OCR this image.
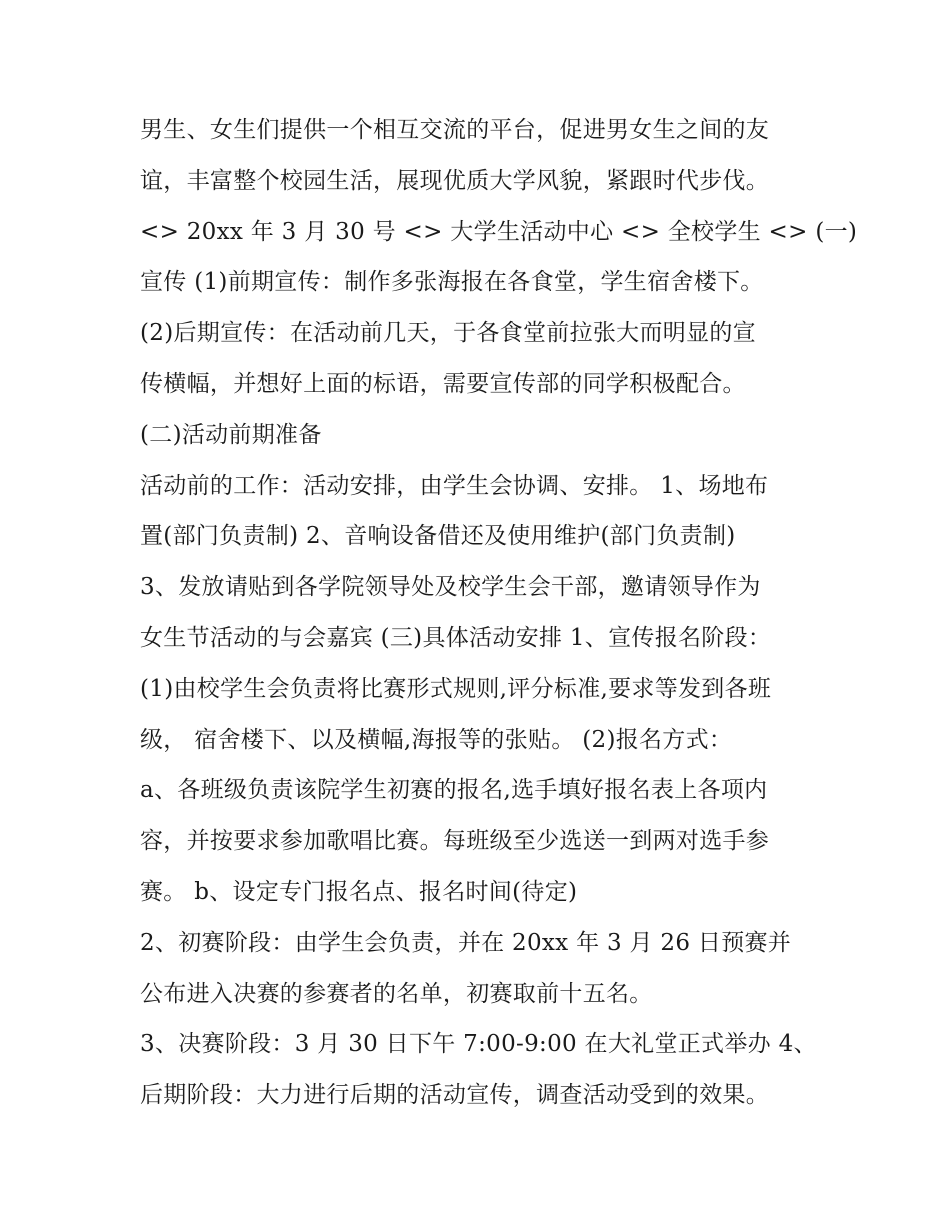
男生、女生们提供一个相互交流的平台，促进男女生之间的友
谊，丰富整个校园生活，展现优质大学风貌，紧跟时代步伐。
<> 20xx 年 3 月 30 号 <> 大学生活动中心 <> 全校学生 <> (一)
宣传 (1)前期宣传：制作多张海报在各食堂，学生宿舍楼下。
(2)后期宣传：在活动前几天，于各食堂前拉张大而明显的宣
传横幅，并想好上面的标语，需要宣传部的同学积极配合。
(二)活动前期准备
活动前的工作：活动安排，由学生会协调、安排。 1、场地布
置(部门负责制) 2、音响设备借还及使用维护(部门负责制)
3、发放请贴到各学院领导处及校学生会干部，邀请领导作为
女生节活动的与会嘉宾 (三)具体活动安排 1、宣传报名阶段：
(1)由校学生会负责将比赛形式规则,评分标准,要求等发到各班
级， 宿舍楼下、以及横幅,海报等的张贴。 (2)报名方式：
a、各班级负责该院学生初赛的报名,选手填好报名表上各项内
容，并按要求参加歌唱比赛。每班级至少选送一到两对选手参
赛。 b、设定专门报名点、报名时间(待定)
2、初赛阶段：由学生会负责，并在 20xx 年 3 月 26 日预赛并
公布进入决赛的参赛者的名单，初赛取前十五名。
3、决赛阶段：3 月 30 日下午 7:00-9:00 在大礼堂正式举办 4、
后期阶段：大力进行后期的活动宣传，调查活动受到的效果。
